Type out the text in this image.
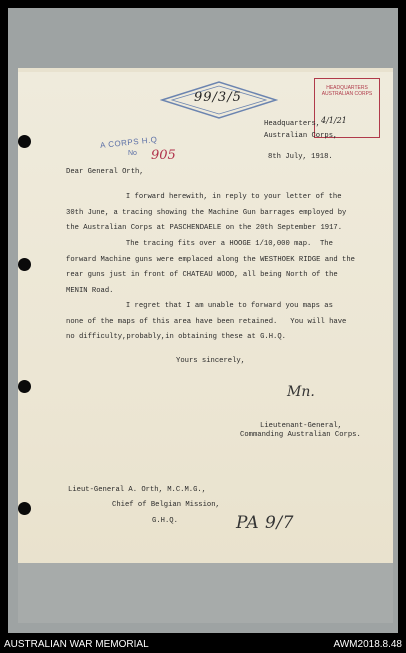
99/3/5
HEADQUARTERS
AUSTRALIAN CORPS
4/1/21
A CORPS H.Q
No 905
Headquarters,
Australian Corps,
8th July, 1918.
Dear General Orth,
I forward herewith, in reply to your letter of the
30th June, a tracing showing the Machine Gun barrages employed by
the Australian Corps at PASCHENDAELE on the 20th September 1917.
The tracing fits over a HOOGE 1/10,000 map.  The
forward Machine guns were emplaced along the WESTHOEK RIDGE and the
rear guns just in front of CHATEAU WOOD, all being North of the
MENIN Road.
I regret that I am unable to forward you maps as
none of the maps of this area have been retained.   You will have
no difficulty,probably,in obtaining these at G.H.Q.
Yours sincerely,
Mn.
Lieutenant-General,
Commanding Australian Corps.
Lieut-General A. Orth, M.C.M.G.,
Chief of Belgian Mission,
G.H.Q.	PA 9/7
AUSTRALIAN WAR MEMORIAL	AWM2018.8.48
